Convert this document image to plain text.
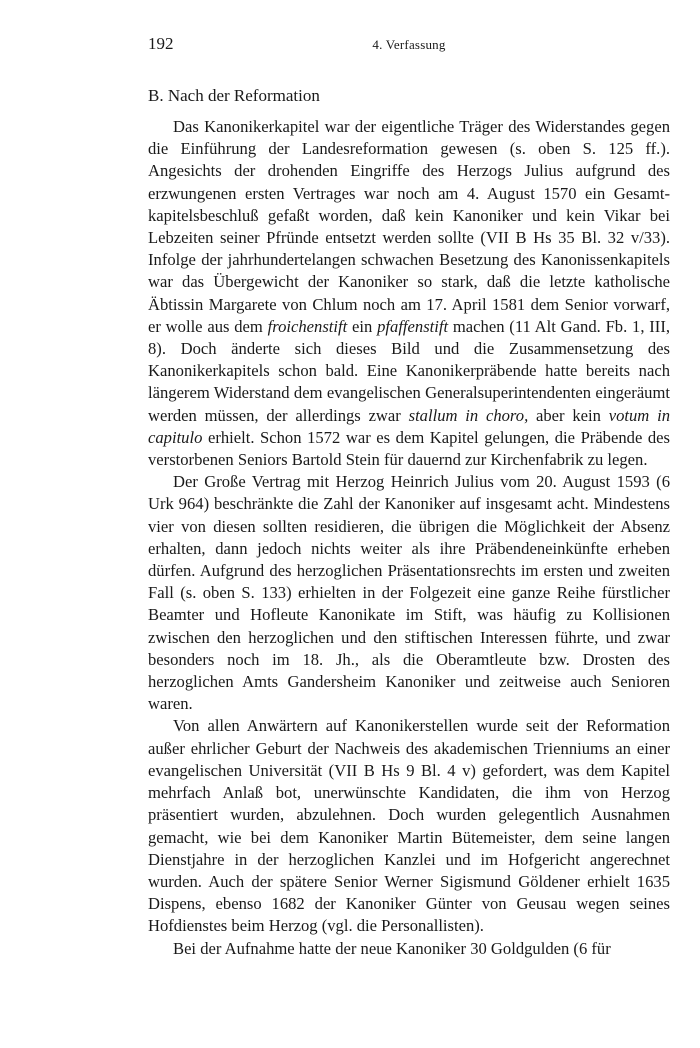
192	4. Verfassung
B. Nach der Reformation

Das Kanonikerkapitel war der eigentliche Träger des Widerstandes gegen die Einführung der Landesreformation gewesen (s. oben S. 125 ff.). Angesichts der drohenden Eingriffe des Herzogs Julius aufgrund des erzwungenen ersten Vertrages war noch am 4. August 1570 ein Gesamtkapitelsbeschluß gefaßt worden, daß kein Kanoniker und kein Vikar bei Lebzeiten seiner Pfründe entsetzt werden sollte (VII B Hs 35 Bl. 32 v/33). Infolge der jahrhundertelangen schwachen Besetzung des Kanonissenkapitels war das Übergewicht der Kanoniker so stark, daß die letzte katholische Äbtissin Margarete von Chlum noch am 17. April 1581 dem Senior vorwarf, er wolle aus dem froichenstift ein pfaffenstift machen (11 Alt Gand. Fb. 1, III, 8). Doch änderte sich dieses Bild und die Zusammensetzung des Kanonikerkapitels schon bald. Eine Kanonikerpräbende hatte bereits nach längerem Widerstand dem evangelischen Generalsuperintendenten eingeräumt werden müssen, der allerdings zwar stallum in choro, aber kein votum in capitulo erhielt. Schon 1572 war es dem Kapitel gelungen, die Präbende des verstorbenen Seniors Bartold Stein für dauernd zur Kirchenfabrik zu legen.

Der Große Vertrag mit Herzog Heinrich Julius vom 20. August 1593 (6 Urk 964) beschränkte die Zahl der Kanoniker auf insgesamt acht. Mindestens vier von diesen sollten residieren, die übrigen die Möglichkeit der Absenz erhalten, dann jedoch nichts weiter als ihre Präbendeneinkünfte erheben dürfen. Aufgrund des herzoglichen Präsentationsrechts im ersten und zweiten Fall (s. oben S. 133) erhielten in der Folgezeit eine ganze Reihe fürstlicher Beamter und Hofleute Kanonikate im Stift, was häufig zu Kollisionen zwischen den herzoglichen und den stiftischen Interessen führte, und zwar besonders noch im 18. Jh., als die Oberamtleute bzw. Drosten des herzoglichen Amts Gandersheim Kanoniker und zeitweise auch Senioren waren.

Von allen Anwärtern auf Kanonikerstellen wurde seit der Reformation außer ehrlicher Geburt der Nachweis des akademischen Trienniums an einer evangelischen Universität (VII B Hs 9 Bl. 4 v) gefordert, was dem Kapitel mehrfach Anlaß bot, unerwünschte Kandidaten, die ihm von Herzog präsentiert wurden, abzulehnen. Doch wurden gelegentlich Ausnahmen gemacht, wie bei dem Kanoniker Martin Bütemeister, dem seine langen Dienstjahre in der herzoglichen Kanzlei und im Hofgericht angerechnet wurden. Auch der spätere Senior Werner Sigismund Göldener erhielt 1635 Dispens, ebenso 1682 der Kanoniker Günter von Geusau wegen seines Hofdienstes beim Herzog (vgl. die Personallisten).

Bei der Aufnahme hatte der neue Kanoniker 30 Goldgulden (6 für
